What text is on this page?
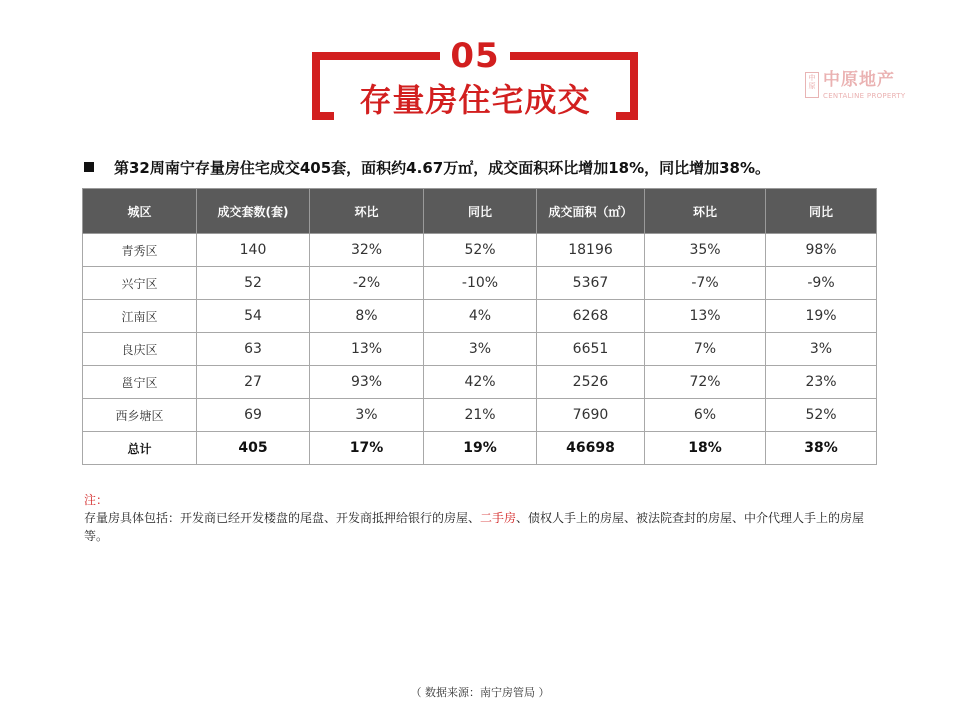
05
存量房住宅成交
中原 中原地产
CENTALINE PROPERTY
第32周南宁存量房住宅成交405套，面积约4.67万㎡，成交面积环比增加18%，同比增加38%。
城区	成交套数(套)	环比	同比	成交面积（㎡）	环比	同比
青秀区	140	32%	52%	18196	35%	98%
兴宁区	52	-2%	-10%	5367	-7%	-9%
江南区	54	8%	4%	6268	13%	19%
良庆区	63	13%	3%	6651	7%	3%
邕宁区	27	93%	42%	2526	72%	23%
西乡塘区	69	3%	21%	7690	6%	52%
总计	405	17%	19%	46698	18%	38%
注：
存量房具体包括：开发商已经开发楼盘的尾盘、开发商抵押给银行的房屋、二手房、债权人手上的房屋、被法院查封的房屋、中介代理人手上的房屋等。
（ 数据来源：南宁房管局 ）
